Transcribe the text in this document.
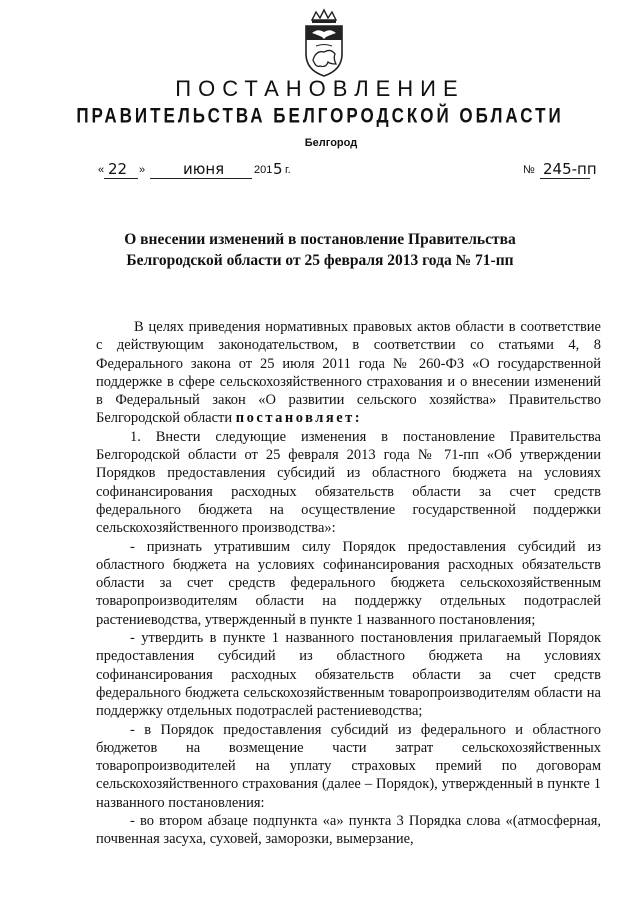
ПОСТАНОВЛЕНИЕ
ПРАВИТЕЛЬСТВА БЕЛГОРОДСКОЙ ОБЛАСТИ
Белгород
« 22 »	июня	201 5 г.	№ 245-пп
О внесении изменений в постановление Правительства
Белгородской области от 25 февраля 2013 года № 71-пп

В целях приведения нормативных правовых актов области в соответствие с действующим законодательством, в соответствии со статьями 4, 8 Федерального закона от 25 июля 2011 года № 260-ФЗ «О государственной поддержке в сфере сельскохозяйственного страхования и о внесении изменений в Федеральный закон «О развитии сельского хозяйства» Правительство Белгородской области постановляет:

1. Внести следующие изменения в постановление Правительства Белгородской области от 25 февраля 2013 года № 71-пп «Об утверждении Порядков предоставления субсидий из областного бюджета на условиях софинансирования расходных обязательств области за счет средств федерального бюджета на осуществление государственной поддержки сельскохозяйственного производства»:

- признать утратившим силу Порядок предоставления субсидий из областного бюджета на условиях софинансирования расходных обязательств области за счет средств федерального бюджета сельскохозяйственным товаропроизводителям области на поддержку отдельных подотраслей растениеводства, утвержденный в пункте 1 названного постановления;

- утвердить в пункте 1 названного постановления прилагаемый Порядок предоставления субсидий из областного бюджета на условиях софинансирования расходных обязательств области за счет средств федерального бюджета сельскохозяйственным товаропроизводителям области на поддержку отдельных подотраслей растениеводства;

- в Порядок предоставления субсидий из федерального и областного бюджетов на возмещение части затрат сельскохозяйственных товаропроизводителей на уплату страховых премий по договорам сельскохозяйственного страхования (далее – Порядок), утвержденный в пункте 1 названного постановления:

- во втором абзаце подпункта «а» пункта 3 Порядка слова «(атмосферная, почвенная засуха, суховей, заморозки, вымерзание,
